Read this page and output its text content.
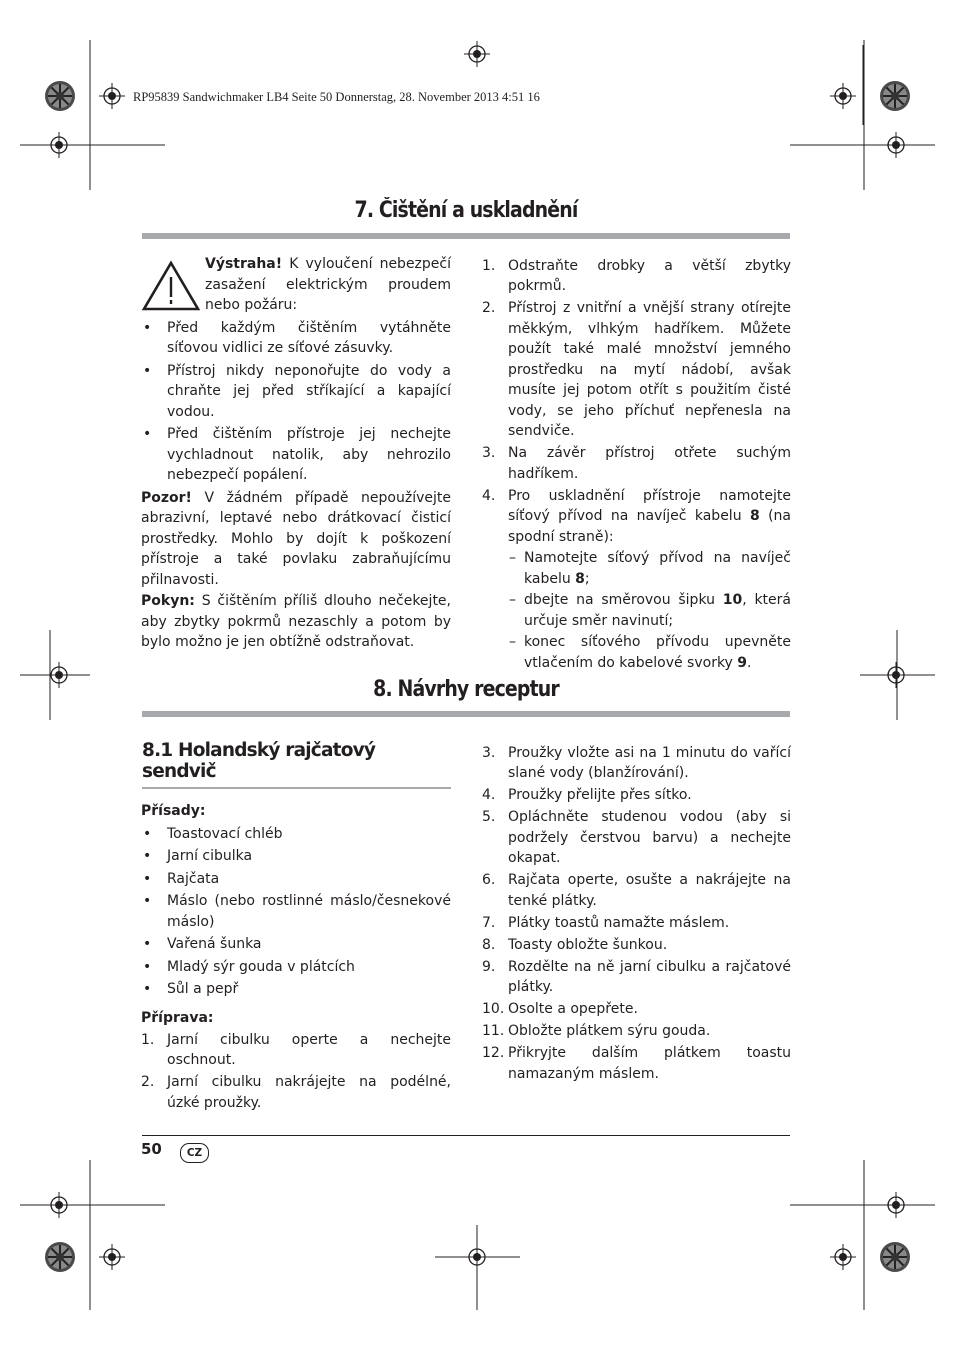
RP95839 Sandwichmaker LB4 Seite 50 Donnerstag, 28. November 2013 4:51 16
7. Čištění a uskladnění

Výstraha! K vyloučení nebezpečí zasažení elektrickým proudem nebo požáru:

• Před každým čištěním vytáhněte síťovou vidlici ze síťové zásuvky.
• Přístroj nikdy neponořujte do vody a chraňte jej před stříkající a kapající vodou.
• Před čištěním přístroje jej nechejte vychladnout natolik, aby nehrozilo nebezpečí popálení.

Pozor! V žádném případě nepoužívejte abrazivní, leptavé nebo drátkovací čisticí prostředky. Mohlo by dojít k poškození přístroje a také povlaku zabraňujícímu přilnavosti.

Pokyn: S čištěním příliš dlouho nečekejte, aby zbytky pokrmů nezaschly a potom by bylo možno je jen obtížně odstraňovat.

1. Odstraňte drobky a větší zbytky pokrmů.
2. Přístroj z vnitřní a vnější strany otírejte měkkým, vlhkým hadříkem. Můžete použít také malé množství jemného prostředku na mytí nádobí, avšak musíte jej potom otřít s použitím čisté vody, se jeho příchuť nepřenesla na sendviče.
3. Na závěr přístroj otřete suchým hadříkem.
4. Pro uskladnění přístroje namotejte síťový přívod na navíječ kabelu 8 (na spodní straně):
– Namotejte síťový přívod na navíječ kabelu 8;
– dbejte na směrovou šipku 10, která určuje směr navinutí;
– konec síťového přívodu upevněte vtlačením do kabelové svorky 9.
8. Návrhy receptur
8.1 Holandský rajčatový sendvič
Přísady:
• Toastovací chléb
• Jarní cibulka
• Rajčata
• Máslo (nebo rostlinné máslo/česnekové máslo)
• Vařená šunka
• Mladý sýr gouda v plátcích
• Sůl a pepř
Příprava:
1. Jarní cibulku operte a nechejte oschnout.
2. Jarní cibulku nakrájejte na podélné, úzké proužky.
3. Proužky vložte asi na 1 minutu do vařící slané vody (blanžírování).
4. Proužky přelijte přes sítko.
5. Opláchněte studenou vodou (aby si podržely čerstvou barvu) a nechejte okapat.
6. Rajčata operte, osušte a nakrájejte na tenké plátky.
7. Plátky toastů namažte máslem.
8. Toasty obložte šunkou.
9. Rozdělte na ně jarní cibulku a rajčatové plátky.
10. Osolte a opepřete.
11. Obložte plátkem sýru gouda.
12. Přikryjte dalším plátkem toastu namazaným máslem.
50	CZ
